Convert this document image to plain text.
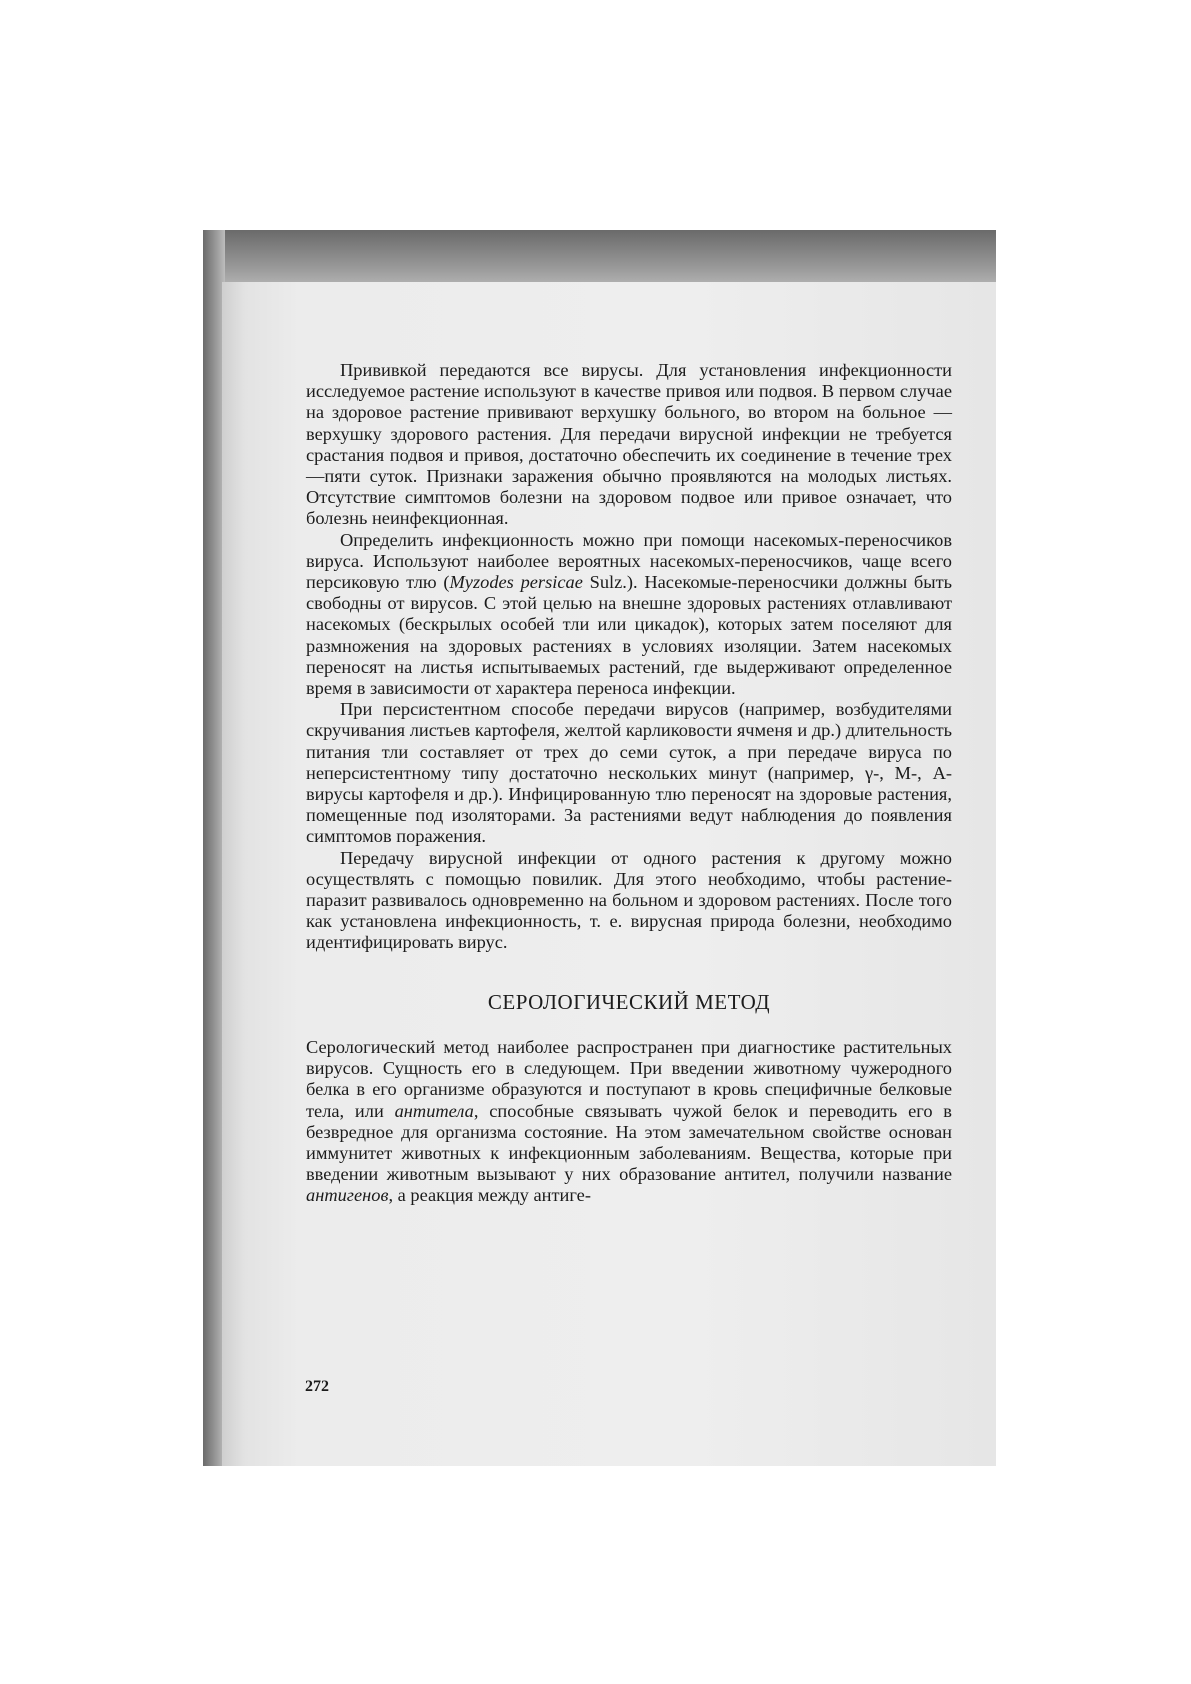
Прививкой передаются все вирусы. Для установления инфекционности исследуемое растение используют в качестве привоя или подвоя. В первом случае на здоровое растение прививают верхушку больного, во втором на больное — верхушку здорового растения. Для передачи вирусной инфекции не требуется срастания подвоя и привоя, достаточно обеспечить их соединение в течение трех—пяти суток. Признаки заражения обычно проявляются на молодых листьях. Отсутствие симптомов болезни на здоровом подвое или привое означает, что болезнь неинфекционная.

Определить инфекционность можно при помощи насекомых-переносчиков вируса. Используют наиболее вероятных насекомых-переносчиков, чаще всего персиковую тлю (Myzodes persicae Sulz.). Насекомые-переносчики должны быть свободны от вирусов. С этой целью на внешне здоровых растениях отлавливают насекомых (бескрылых особей тли или цикадок), которых затем поселяют для размножения на здоровых растениях в условиях изоляции. Затем насекомых переносят на листья испытываемых растений, где выдерживают определенное время в зависимости от характера переноса инфекции.

При персистентном способе передачи вирусов (например, возбудителями скручивания листьев картофеля, желтой карликовости ячменя и др.) длительность питания тли составляет от трех до семи суток, а при передаче вируса по неперсистентному типу достаточно нескольких минут (например, γ-, М-, А-вирусы картофеля и др.). Инфицированную тлю переносят на здоровые растения, помещенные под изоляторами. За растениями ведут наблюдения до появления симптомов поражения.

Передачу вирусной инфекции от одного растения к другому можно осуществлять с помощью повилик. Для этого необходимо, чтобы растение-паразит развивалось одновременно на больном и здоровом растениях. После того как установлена инфекционность, т. е. вирусная природа болезни, необходимо идентифицировать вирус.

СЕРОЛОГИЧЕСКИЙ МЕТОД

Серологический метод наиболее распространен при диагностике растительных вирусов. Сущность его в следующем. При введении животному чужеродного белка в его организме образуются и поступают в кровь специфичные белковые тела, или антитела, способные связывать чужой белок и переводить его в безвредное для организма состояние. На этом замечательном свойстве основан иммунитет животных к инфекционным заболеваниям. Вещества, которые при введении животным вызывают у них образование антител, получили название антигенов, а реакция между антиге-

272
